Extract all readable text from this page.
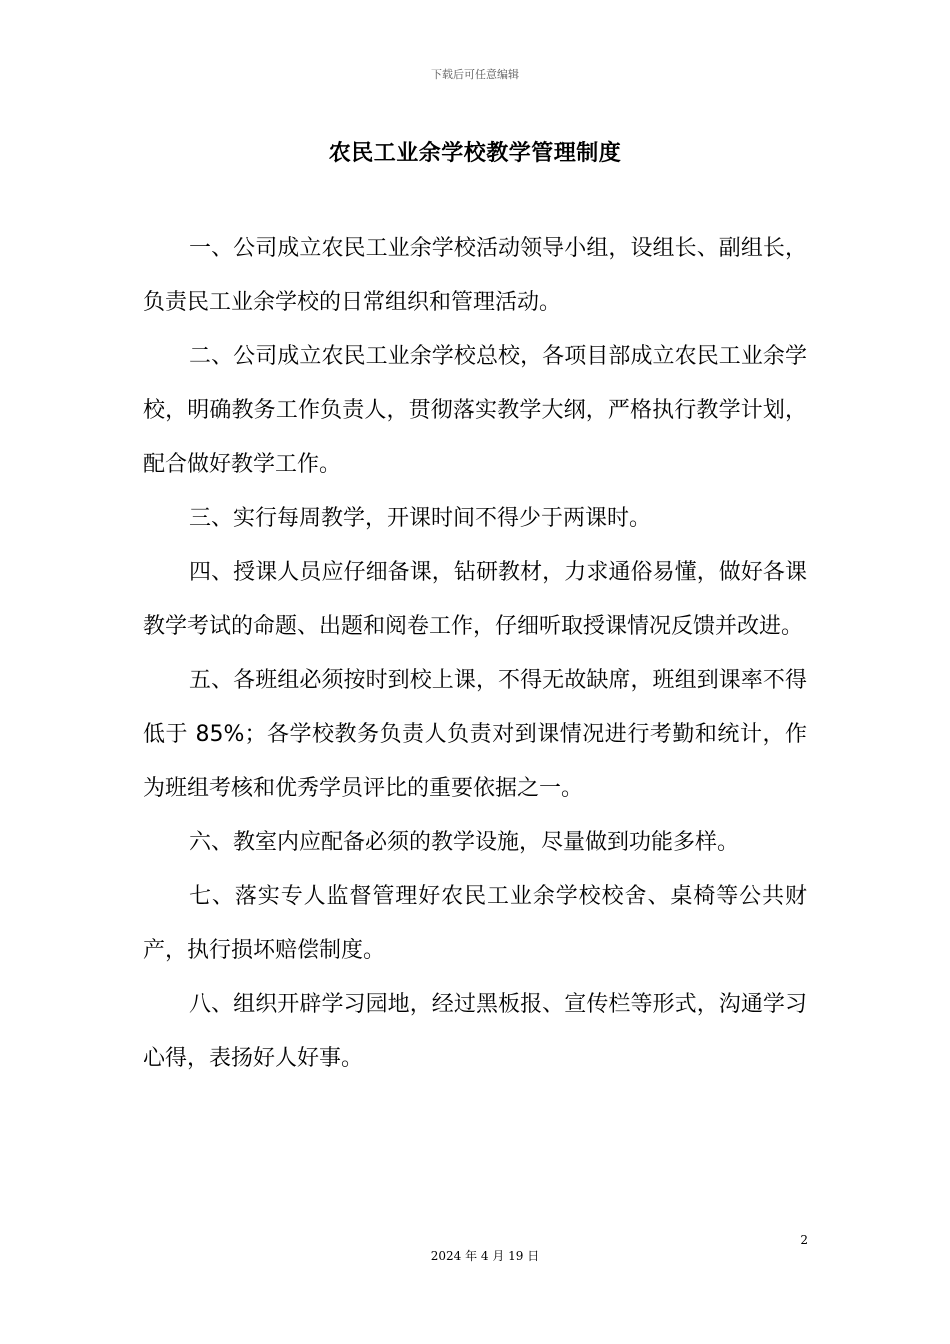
下载后可任意编辑
农民工业余学校教学管理制度

一、公司成立农民工业余学校活动领导小组，设组长、副组长，负责民工业余学校的日常组织和管理活动。

二、公司成立农民工业余学校总校，各项目部成立农民工业余学校，明确教务工作负责人，贯彻落实教学大纲，严格执行教学计划，配合做好教学工作。

三、实行每周教学，开课时间不得少于两课时。

四、授课人员应仔细备课，钻研教材，力求通俗易懂，做好各课教学考试的命题、出题和阅卷工作，仔细听取授课情况反馈并改进。

五、各班组必须按时到校上课，不得无故缺席，班组到课率不得低于 85%；各学校教务负责人负责对到课情况进行考勤和统计，作为班组考核和优秀学员评比的重要依据之一。

六、教室内应配备必须的教学设施，尽量做到功能多样。

七、落实专人监督管理好农民工业余学校校舍、桌椅等公共财产，执行损坏赔偿制度。

八、组织开辟学习园地，经过黑板报、宣传栏等形式，沟通学习心得，表扬好人好事。

2
2024 年 4 月 19 日
